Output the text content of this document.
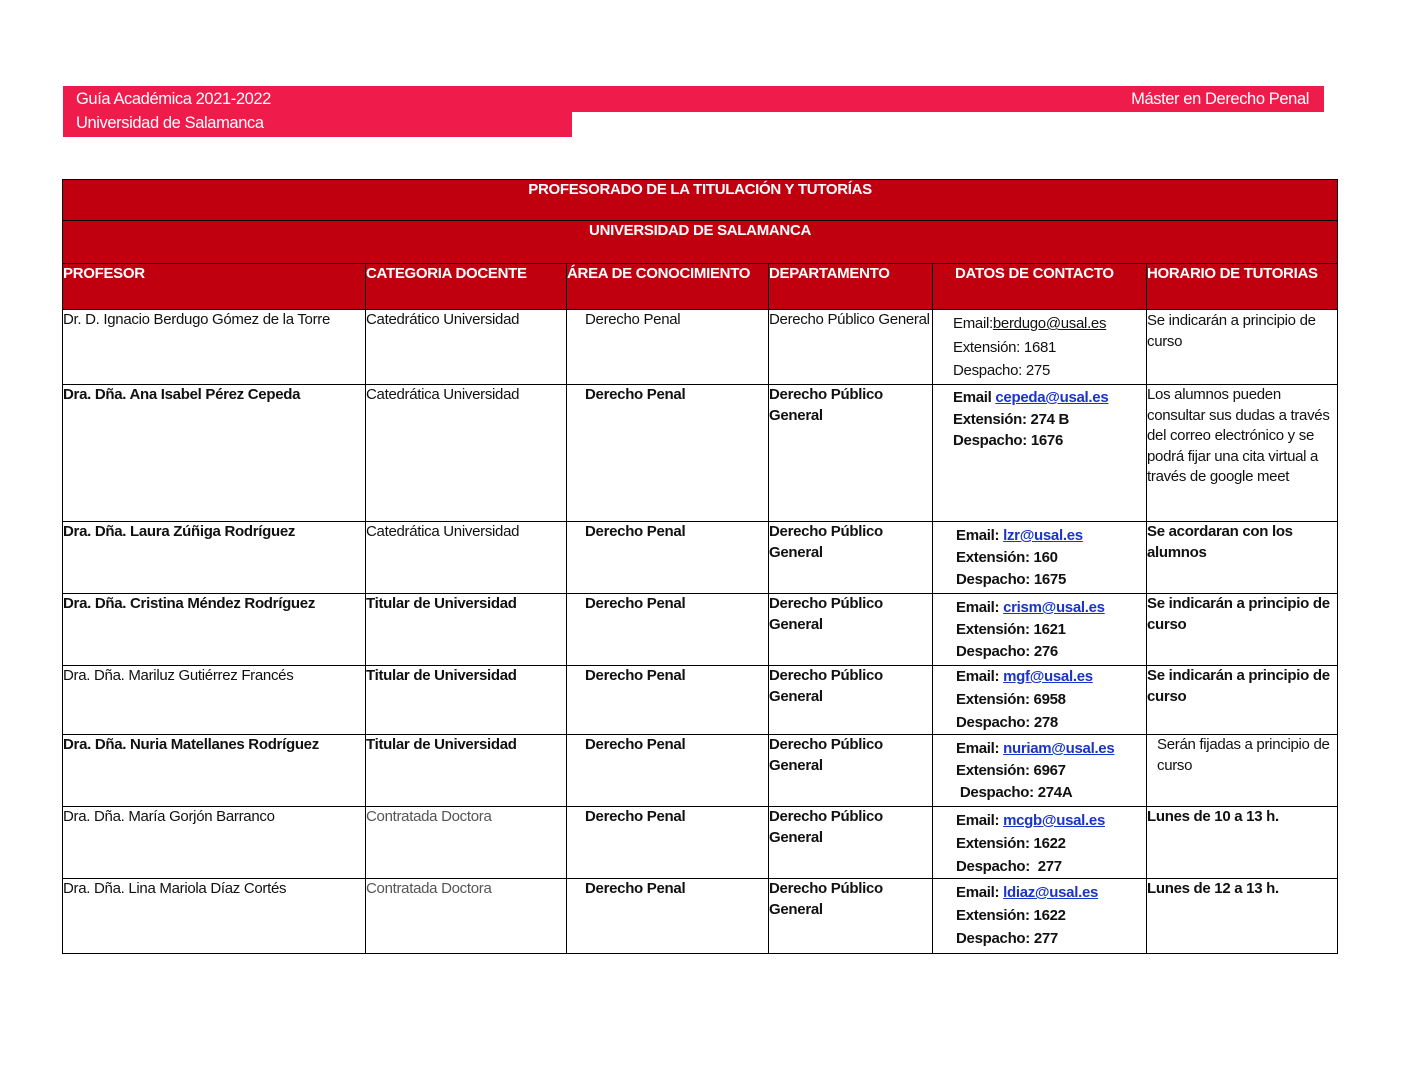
Guía Académica 2021-2022	Máster en Derecho Penal
Universidad de Salamanca
PROFESORADO DE LA TITULACIÓN Y TUTORÍAS					
UNIVERSIDAD DE SALAMANCA					
PROFESOR	CATEGORIA DOCENTE	ÁREA DE CONOCIMIENTO	DEPARTAMENTO	DATOS DE CONTACTO	HORARIO DE TUTORIAS
Dr. D. Ignacio Berdugo Gómez de la Torre	Catedrático Universidad	Derecho Penal	Derecho Público General	Email:berdugo@usal.es
Extensión: 1681
Despacho: 275	Se indicarán a principio de curso
Dra. Dña. Ana Isabel Pérez Cepeda	Catedrática Universidad	Derecho Penal	Derecho Público General	Email cepeda@usal.es
Extensión: 274 B
Despacho: 1676	Los alumnos pueden consultar sus dudas a través del correo electrónico y se podrá fijar una cita virtual a través de google meet
Dra. Dña. Laura Zúñiga Rodríguez	Catedrática Universidad	Derecho Penal	Derecho Público General	Email: lzr@usal.es
Extensión: 160
Despacho: 1675	Se acordaran con los alumnos
Dra. Dña. Cristina Méndez Rodríguez	Titular de Universidad	Derecho Penal	Derecho Público General	Email: crism@usal.es
Extensión: 1621
Despacho: 276	Se indicarán a principio de curso
Dra. Dña. Mariluz Gutiérrez Francés	Titular de Universidad	Derecho Penal	Derecho Público General	Email: mgf@usal.es
Extensión: 6958
Despacho: 278	Se indicarán a principio de curso
Dra. Dña. Nuria Matellanes Rodríguez	Titular de Universidad	Derecho Penal	Derecho Público General	Email: nuriam@usal.es
Extensión: 6967
Despacho: 274A	Serán fijadas a principio de curso
Dra. Dña. María Gorjón Barranco	Contratada Doctora	Derecho Penal	Derecho Público General	Email: mcgb@usal.es
Extensión: 1622
Despacho:  277	Lunes de 10 a 13 h.
Dra. Dña. Lina Mariola Díaz Cortés	Contratada Doctora	Derecho Penal	Derecho Público General	Email: ldiaz@usal.es
Extensión: 1622
Despacho: 277	Lunes de 12 a 13 h.
